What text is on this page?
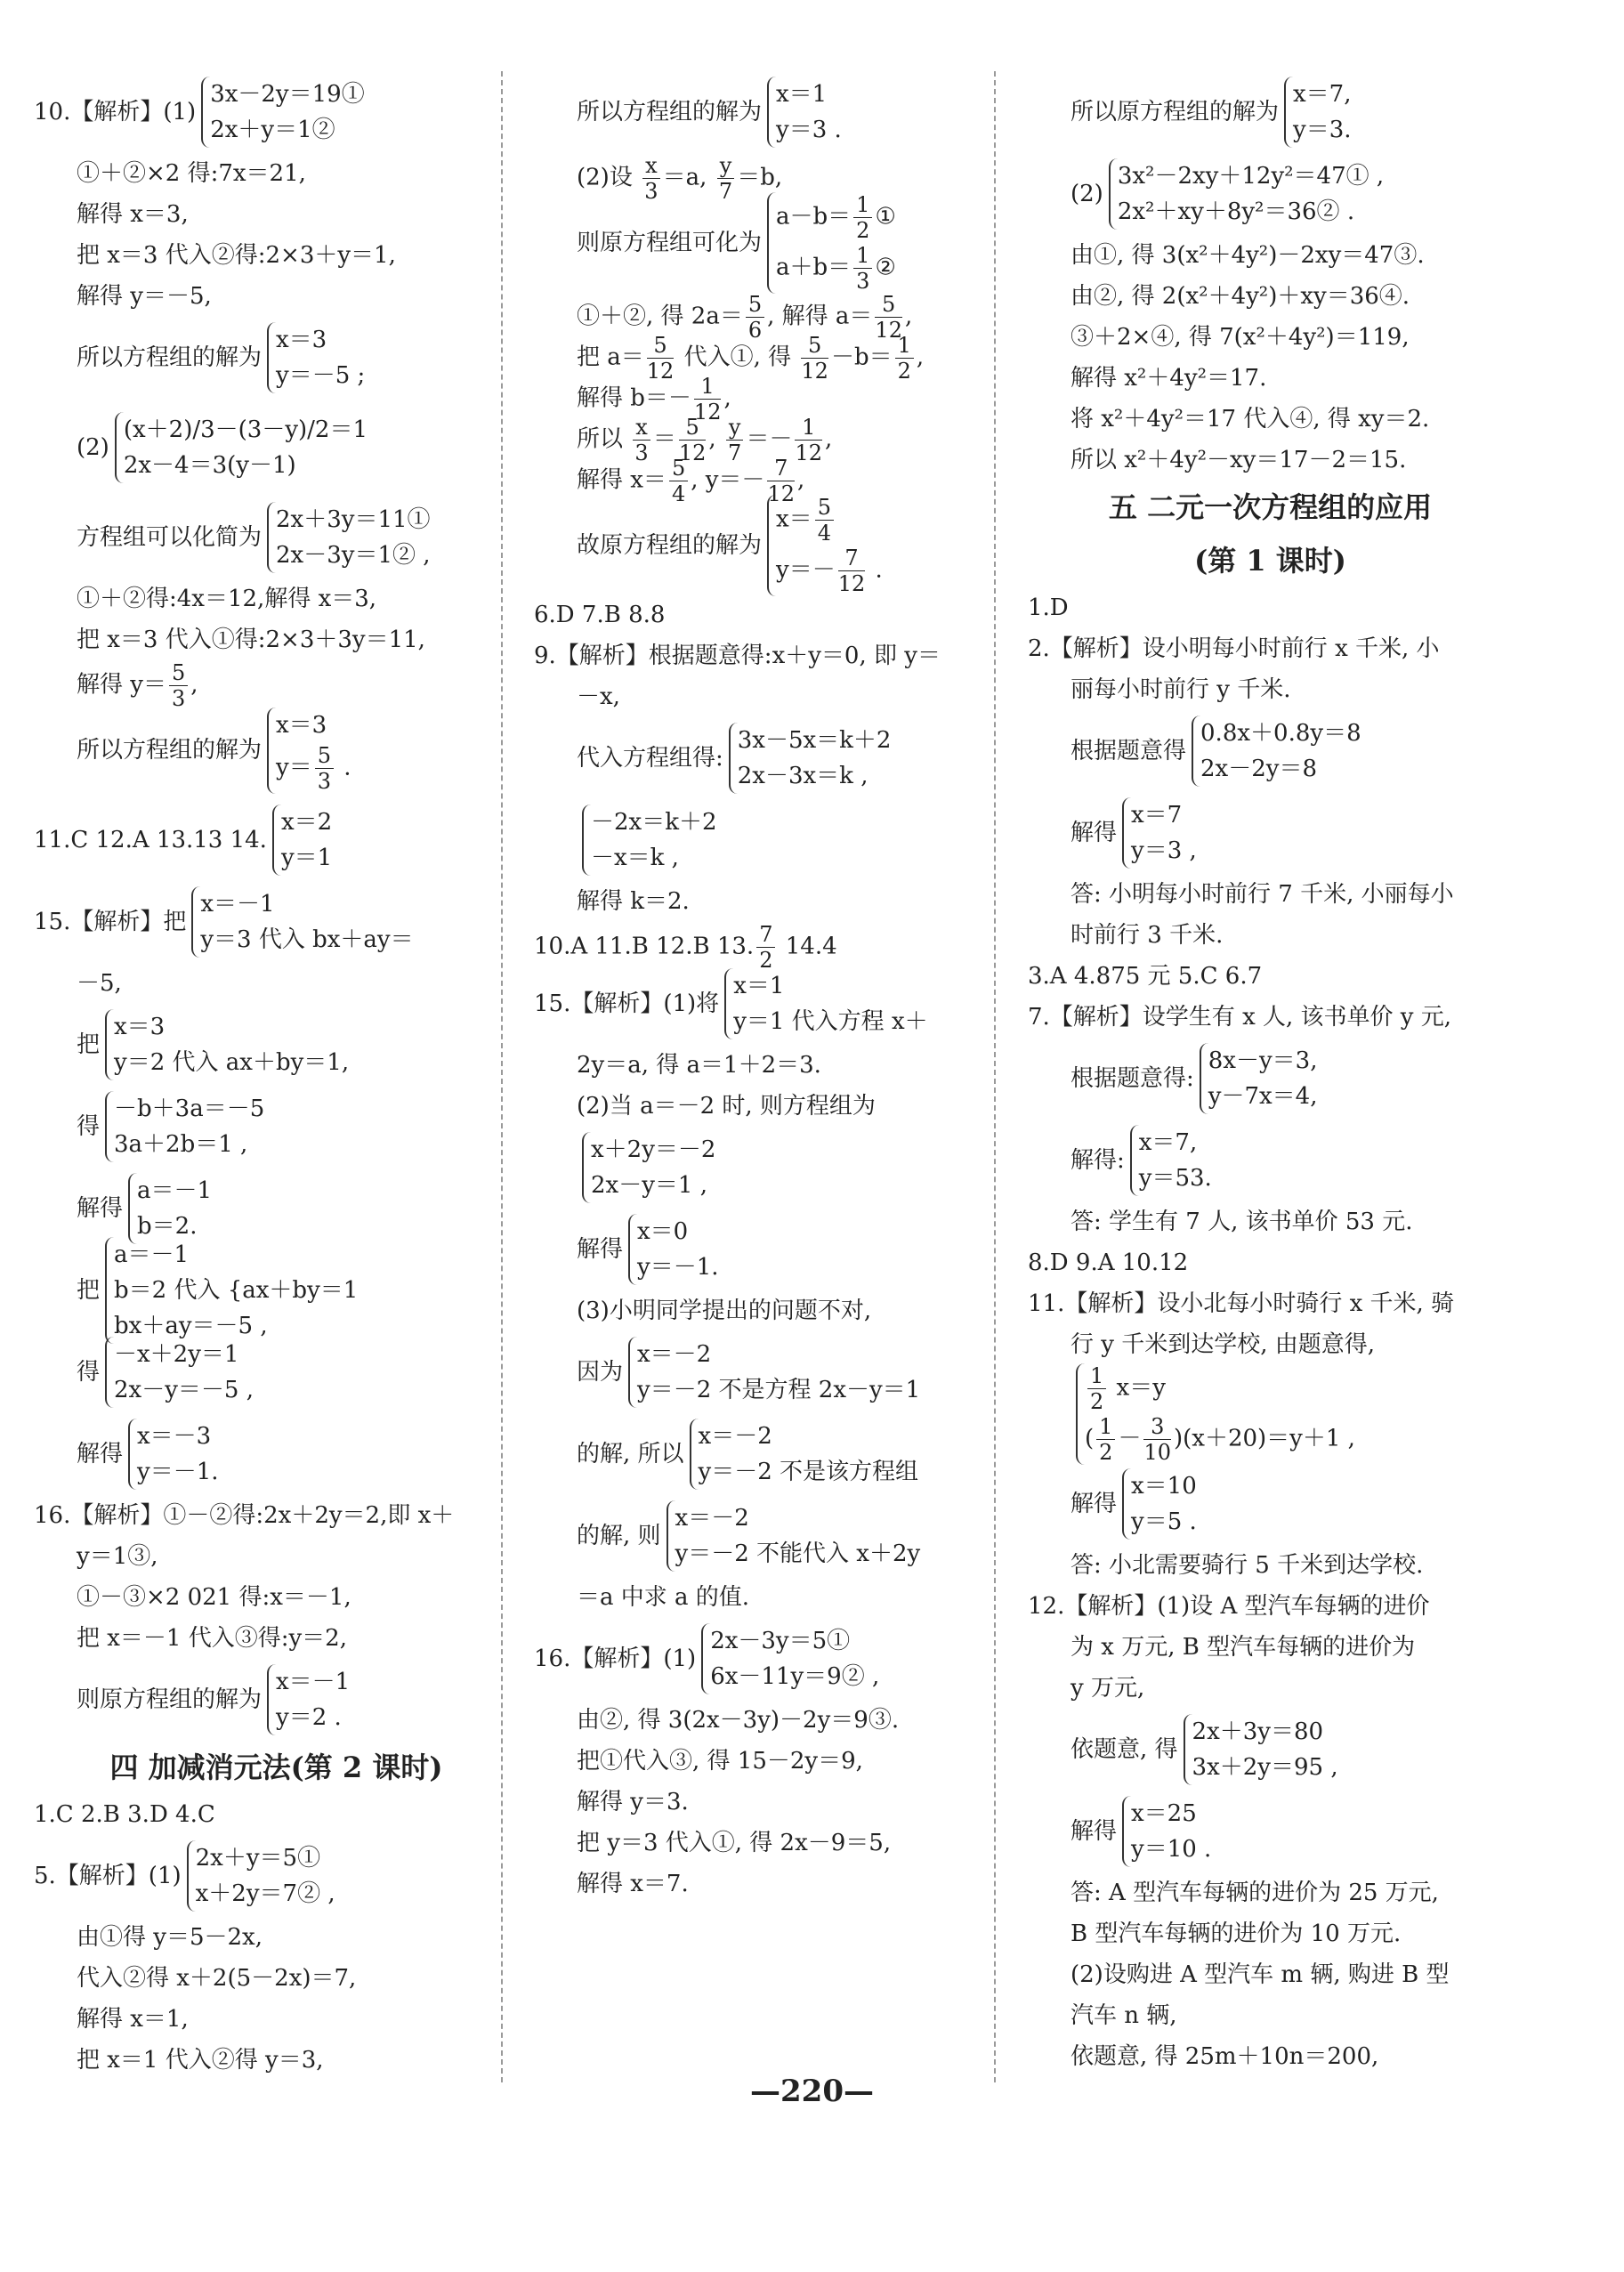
10.【解析】(1)
3x－2y＝19①
2x＋y＝1②
①＋②×2 得:7x＝21,
解得 x＝3,
把 x＝3 代入②得:2×3＋y＝1,
解得 y＝－5,
所以方程组的解为
x＝3
y＝－5 ;
(2)
(x＋2)/3－(3－y)/2＝1
2x－4＝3(y－1)
方程组可以化简为
2x＋3y＝11①
2x－3y＝1② ,
①＋②得:4x＝12,解得 x＝3,
把 x＝3 代入①得:2×3＋3y＝11,
解得 $y= \frac{5}{3}$ ,
所以方程组的解为
x＝3
$y= \frac{5}{3}$ .
11.C 12.A 13.13 14.
x＝2
y＝1
15.【解析】把
x＝－1
y＝3 代入 bx＋ay＝
－5,
把
x＝3
y＝2 代入 ax＋by＝1,
得
－b＋3a＝－5
3a＋2b＝1 ,
解得
a＝－1
b＝2.
把
a＝－1
b＝2 代入 {ax＋by＝1
bx＋ay＝－5 ,
得
－x＋2y＝1
2x－y＝－5 ,
解得
x＝－3
y＝－1.
16.【解析】①－②得:2x＋2y＝2,即 x＋
y＝1③,
①－③×2 021 得:x＝－1,
把 x＝－1 代入③得:y＝2,
则原方程组的解为
x＝－1
y＝2 .
四 加减消元法(第 2 课时)
1.C 2.B 3.D 4.C
5.【解析】(1)
2x＋y＝5①
x＋2y＝7② ,
由①得 y＝5－2x,
代入②得 x＋2(5－2x)＝7,
解得 x＝1,
把 x＝1 代入②得 y＝3,
所以方程组的解为
x＝1
y＝3 .
(2)设 $\frac{x}{3} =a$, $\frac{y}{7} =b$,
则原方程组可化为
$a-b= \frac{1}{2}$ ①
$a+b= \frac{1}{3}$ ②
①＋②, 得 $2a= \frac{5}{6}$ , 解得 $a= \frac{5}{12}$ ,
把 $a= \frac{5}{12}$ 代入①, 得 $\frac{5}{12} -b= \frac{1}{2}$ ,
解得 $b=- \frac{1}{12}$ ,
所以 $\frac{x}{3} = \frac{5}{12}$ , $\frac{y}{7} =- \frac{1}{12}$ ,
解得 $x= \frac{5}{4}$ , $y=- \frac{7}{12}$ ,
故原方程组的解为
$x= \frac{5}{4}$
$y=- \frac{7}{12}$ .
6.D 7.B 8.8
9.【解析】根据题意得:x＋y＝0, 即 y＝
－x,
代入方程组得:
3x－5x＝k＋2
2x－3x＝k ,
－2x＝k＋2
－x＝k ,
解得 k＝2.
10.A 11.B 12.B 13. $\frac{7}{2} 14.4$
15.【解析】(1)将
x＝1
y＝1 代入方程 x＋
2y＝a, 得 a＝1＋2＝3.
(2)当 a＝－2 时, 则方程组为
x＋2y＝－2
2x－y＝1 ,
解得
x＝0
y＝－1.
(3)小明同学提出的问题不对,
因为
x＝－2
y＝－2 不是方程 2x－y＝1
的解, 所以
x＝－2
y＝－2 不是该方程组
的解, 则
x＝－2
y＝－2 不能代入 x＋2y
＝a 中求 a 的值.
16.【解析】(1)
2x－3y＝5①
6x－11y＝9② ,
由②, 得 3(2x－3y)－2y＝9③.
把①代入③, 得 15－2y＝9,
解得 y＝3.
把 y＝3 代入①, 得 2x－9＝5,
解得 x＝7.
所以原方程组的解为
x＝7,
y＝3.
(2)
3x²－2xy＋12y²＝47① ,
2x²＋xy＋8y²＝36② .
由①, 得 3(x²＋4y²)－2xy＝47③.
由②, 得 2(x²＋4y²)＋xy＝36④.
③＋2×④, 得 7(x²＋4y²)＝119,
解得 x²＋4y²＝17.
将 x²＋4y²＝17 代入④, 得 xy＝2.
所以 x²＋4y²－xy＝17－2＝15.
五 二元一次方程组的应用
(第 1 课时)
1.D
2.【解析】设小明每小时前行 x 千米, 小
丽每小时前行 y 千米.
根据题意得
0.8x＋0.8y＝8
2x－2y＝8
解得
x＝7
y＝3 ,
答: 小明每小时前行 7 千米, 小丽每小
时前行 3 千米.
3.A 4.875 元 5.C 6.7
7.【解析】设学生有 x 人, 该书单价 y 元,
根据题意得:
8x－y＝3,
y－7x＝4,
解得:
x＝7,
y＝53.
答: 学生有 7 人, 该书单价 53 元.
8.D 9.A 10.12
11.【解析】设小北每小时骑行 x 千米, 骑
行 y 千米到达学校, 由题意得,
$\frac{1}{2} x=y$
( $\frac{1}{2} - \frac{3}{10} )(x+20)=y+1$ ,
解得
x＝10
y＝5 .
答: 小北需要骑行 5 千米到达学校.
12.【解析】(1)设 A 型汽车每辆的进价
为 x 万元, B 型汽车每辆的进价为
y 万元,
依题意, 得
2x＋3y＝80
3x＋2y＝95 ,
解得
x＝25
y＝10 .
答: A 型汽车每辆的进价为 25 万元,
B 型汽车每辆的进价为 10 万元.
(2)设购进 A 型汽车 m 辆, 购进 B 型
汽车 n 辆,
依题意, 得 25m＋10n＝200,
—220—
